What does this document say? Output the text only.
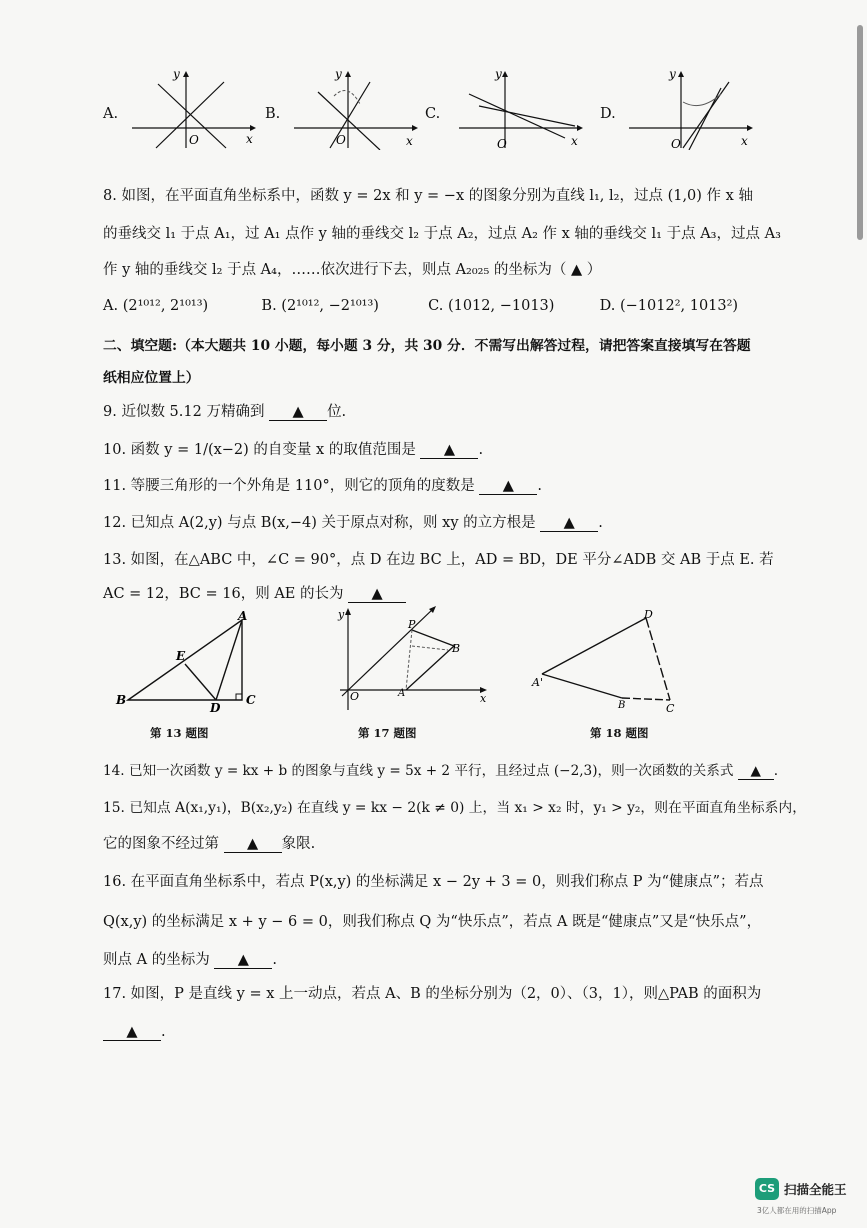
A.
O	x
y
B.
O	x
y
C.
O	x
y
D.
O	x
y
8. 如图，在平面直角坐标系中，函数 y = 2x 和 y = −x 的图象分别为直线 l₁, l₂，过点 (1,0) 作 x 轴
的垂线交 l₁ 于点 A₁，过 A₁ 点作 y 轴的垂线交 l₂ 于点 A₂，过点 A₂ 作 x 轴的垂线交 l₁ 于点 A₃，过点 A₃
作 y 轴的垂线交 l₂ 于点 A₄，……依次进行下去，则点 A₂₀₂₅ 的坐标为（ ▲ ）
A. (2¹⁰¹², 2¹⁰¹³)	B. (2¹⁰¹², −2¹⁰¹³)	C. (1012, −1013)	D. (−1012², 1013²)
二、填空题:（本大题共 10 小题，每小题 3 分，共 30 分．不需写出解答过程，请把答案直接填写在答题
纸相应位置上）
9. 近似数 5.12 万精确到 ▲ 位.
10. 函数 y = 1/(x−2) 的自变量 x 的取值范围是 ▲ .
11. 等腰三角形的一个外角是 110°，则它的顶角的度数是 ▲ .
12. 已知点 A(2,y) 与点 B(x,−4) 关于原点对称，则 xy 的立方根是 ▲ .
13. 如图，在△ABC 中，∠C = 90°，点 D 在边 BC 上，AD = BD，DE 平分∠ADB 交 AB 于点 E. 若
AC = 12，BC = 16，则 AE 的长为 ▲
A
B	C
D
E
第 13 题图
P
B
A
O	x
y
第 17 题图
D
A'
B	C
第 18 题图
14. 已知一次函数 y = kx + b 的图象与直线 y = 5x + 2 平行，且经过点 (−2,3)，则一次函数的关系式 ▲ .
15. 已知点 A(x₁,y₁)，B(x₂,y₂) 在直线 y = kx − 2(k ≠ 0) 上，当 x₁ > x₂ 时，y₁ > y₂，则在平面直角坐标系内，
它的图象不经过第 ▲ 象限.
16. 在平面直角坐标系中，若点 P(x,y) 的坐标满足 x − 2y + 3 = 0，则我们称点 P 为“健康点”；若点
Q(x,y) 的坐标满足 x + y − 6 = 0，则我们称点 Q 为“快乐点”，若点 A 既是“健康点”又是“快乐点”，
则点 A 的坐标为 ▲ .
17. 如图，P 是直线 y = x 上一动点，若点 A、B 的坐标分别为（2，0）、（3，1），则△PAB 的面积为
▲ .
CS 扫描全能王
3亿人都在用的扫描App
